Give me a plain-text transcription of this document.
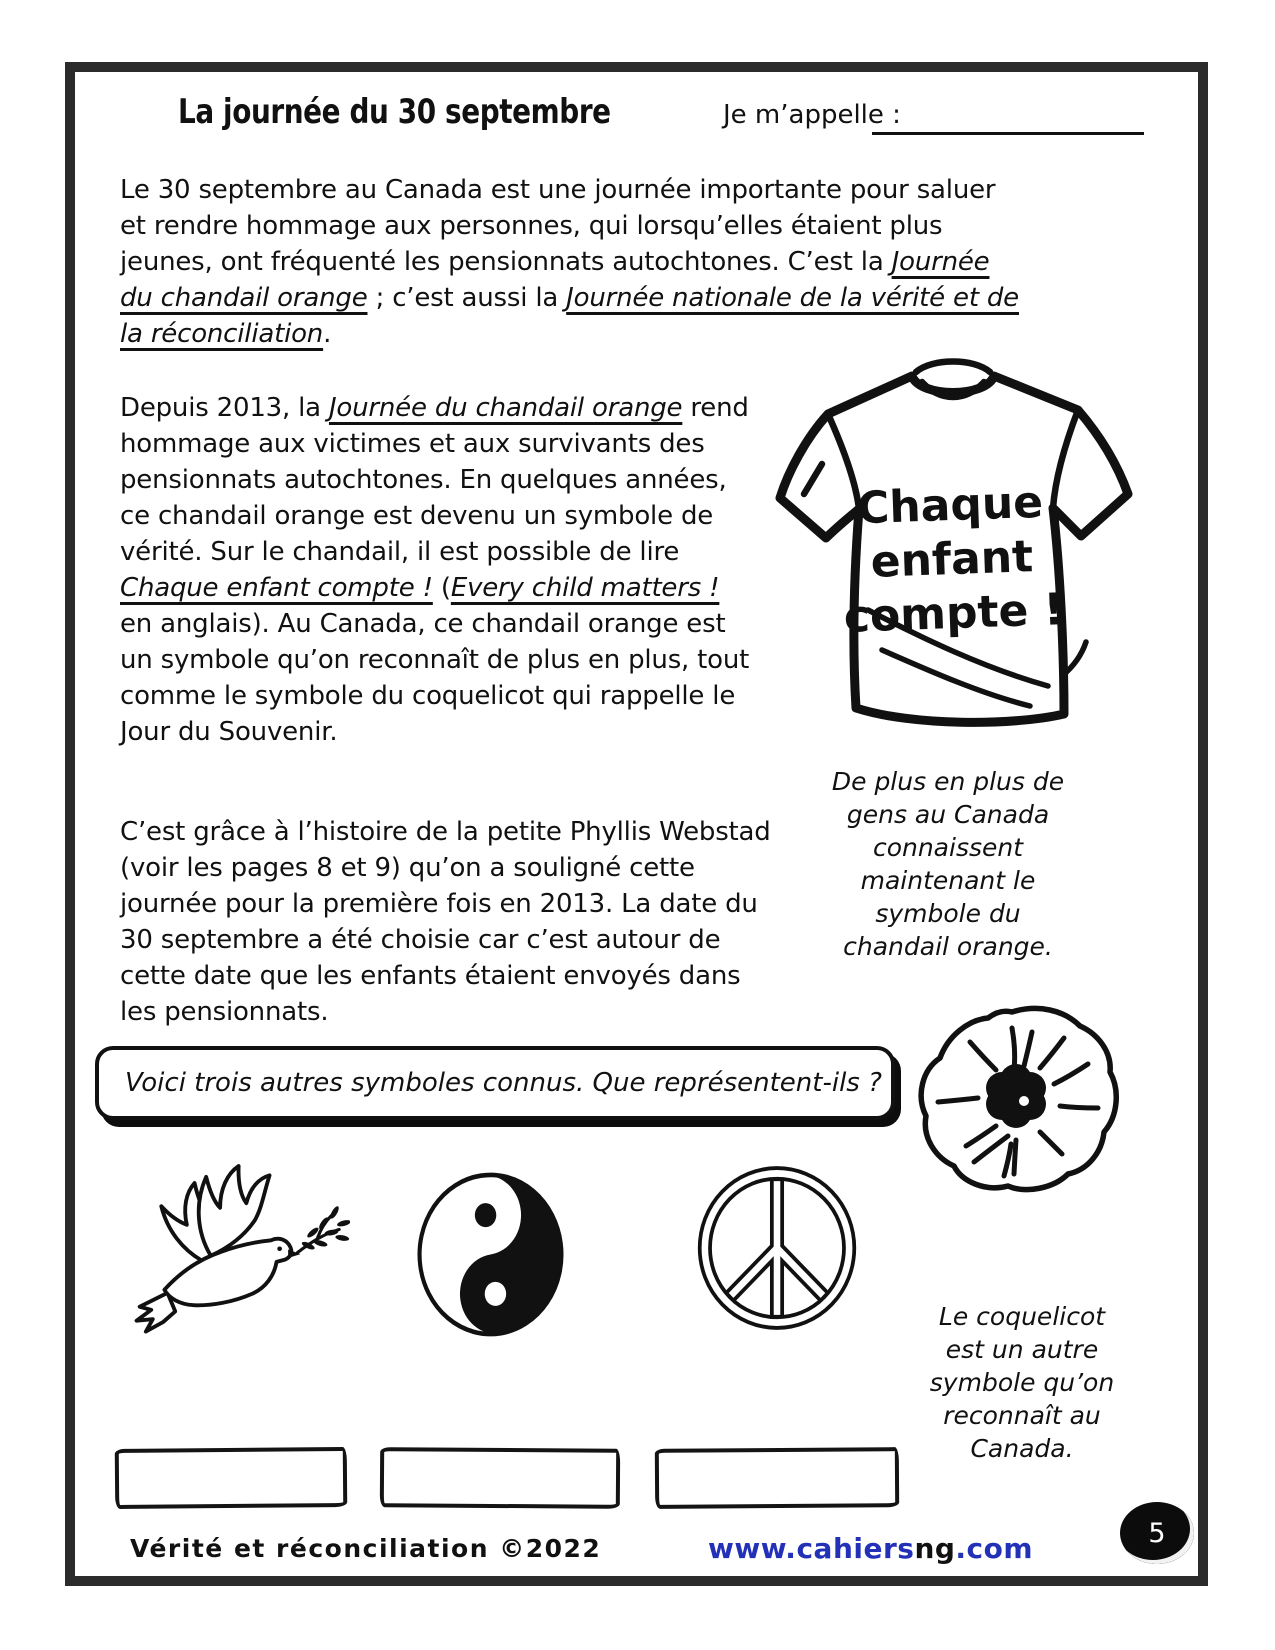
La journée du 30 septembre	Je m’appelle :
Le 30 septembre au Canada est une journée importante pour saluer et rendre hommage aux personnes, qui lorsqu’elles étaient plus jeunes, ont fréquenté les pensionnats autochtones. C’est la Journée du chandail orange ; c’est aussi la Journée nationale de la vérité et de la réconciliation.
Depuis 2013, la Journée du chandail orange rend hommage aux victimes et aux survivants des pensionnats autochtones. En quelques années, ce chandail orange est devenu un symbole de vérité. Sur le chandail, il est possible de lire Chaque enfant compte ! (Every child matters ! en anglais). Au Canada, ce chandail orange est un symbole qu’on reconnaît de plus en plus, tout comme le symbole du coquelicot qui rappelle le Jour du Souvenir.
Chaque
enfant
compte !
De plus en plus de gens au Canada connaissent maintenant le symbole du chandail orange.
C’est grâce à l’histoire de la petite Phyllis Webstad (voir les pages 8 et 9) qu’on a souligné cette journée pour la première fois en 2013. La date du 30 septembre a été choisie car c’est autour de cette date que les enfants étaient envoyés dans les pensionnats.
Voici trois autres symboles connus. Que représentent-ils ?
Le coquelicot est un autre symbole qu’on reconnaît au Canada.
Vérité et réconciliation ©2022	www.cahiersng.com	5
